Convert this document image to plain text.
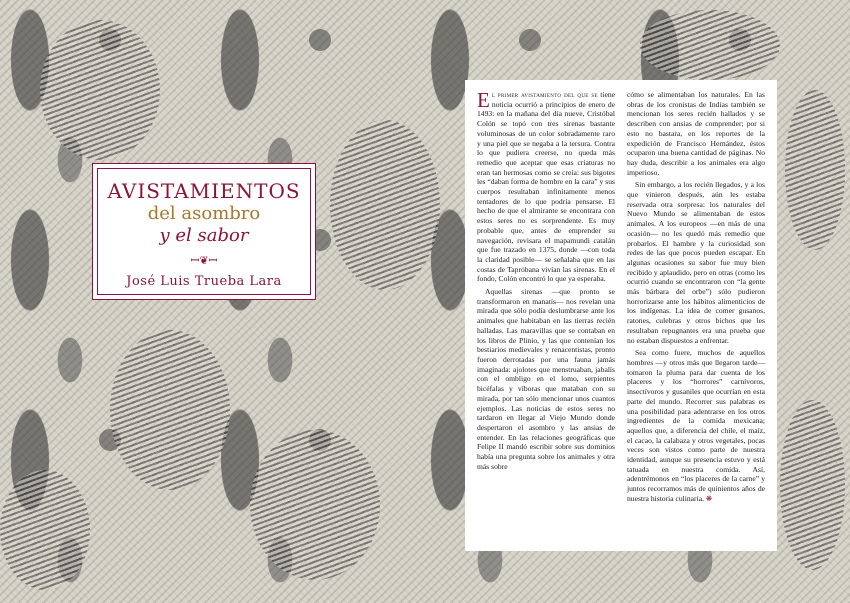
AVISTAMIENTOS
del asombro
y el sabor
ꟷ❦ꟷ
José Luis Trueba Lara

El primer avistamiento del que se tiene noticia ocurrió a principios de enero de 1493: en la mañana del día nueve, Cristóbal Colón se topó con tres sirenas bastante voluminosas de un color sobradamente raro y una piel que se negaba a la tersura. Contra lo que pudiera creerse, no queda más remedio que aceptar que esas criaturas no eran tan hermosas como se creía: sus bigotes les “daban forma de hombre en la cara” y sus cuerpos resultaban infinitamente menos tentadores de lo que podría pensarse. El hecho de que el almirante se encontrara con estos seres no es sorprendente. Es muy probable que, antes de emprender su navegación, revisara el mapamundi catalán que fue trazado en 1375, donde —con toda la claridad posible— se señalaba que en las costas de Taprόbana vivían las sirenas. En el fondo, Colón encontró lo que ya esperaba.

Aquellas sirenas —que pronto se transformaron en manatís— nos revelan una mirada que sólo podía deslumbrarse ante los animales que habitaban en las tierras recién halladas. Las maravillas que se contaban en los libros de Plinio, y las que contenían los bestiarios medievales y renacentistas, pronto fueron derrotadas por una fauna jamás imaginada: ajolotes que menstruaban, jabalís con el ombligo en el lomo, serpientes bicéfalas y víboras que mataban con su mirada, por tan sólo mencionar unos cuantos ejemplos. Las noticias de estos seres no tardaron en llegar al Viejo Mundo donde despertaron el asombro y las ansias de entender. En las relaciones geográficas que Felipe II mandó escribir sobre sus dominios había una pregunta sobre los animales y otra más sobre

cómo se alimentaban los naturales. En las obras de los cronistas de Indias también se mencionan los seres recién hallados y se describen con ansias de comprender; por si esto no bastara, en los reportes de la expedición de Francisco Hernández, éstos ocuparon una buena cantidad de páginas. No hay duda, describir a los animales era algo imperioso.

Sin embargo, a los recién llegados, y a los que vinieron después, aún les estaba reservada otra sorpresa: los naturales del Nuevo Mundo se alimentaban de estos animales. A los europeos —en más de una ocasión— no les quedó más remedio que probarlos. El hambre y la curiosidad son redes de las que pocos pueden escapar. En algunas ocasiones su sabor fue muy bien recibido y aplaudido, pero en otras (como les ocurrió cuando se encontraron con “la gente más bárbara del orbe”) sólo pudieron horrorizarse ante los hábitos alimenticios de los indígenas. La idea de comer gusanos, ratones, culebras y otros bichos que les resultaban repugnantes era una prueba que no estaban dispuestos a enfrentar.

Sea como fuere, muchos de aquellos hombres —y otros más que llegaron tarde— tomaron la pluma para dar cuenta de los placeres y los “horrores” carnívoros, insectívoros y gusaniles que ocurrían en esta parte del mundo. Recorrer sus palabras es una posibilidad para adentrarse en los otros ingredientes de la comida mexicana; aquellos que, a diferencia del chile, el maíz, el cacao, la calabaza y otros vegetales, pocas veces son vistos como parte de nuestra identidad, aunque su presencia estuvo y está tatuada en nuestra comida. Así, adentrémonos en “los placeres de la carne” y juntos recorramos más de quinientos años de nuestra historia culinaria. ❋
